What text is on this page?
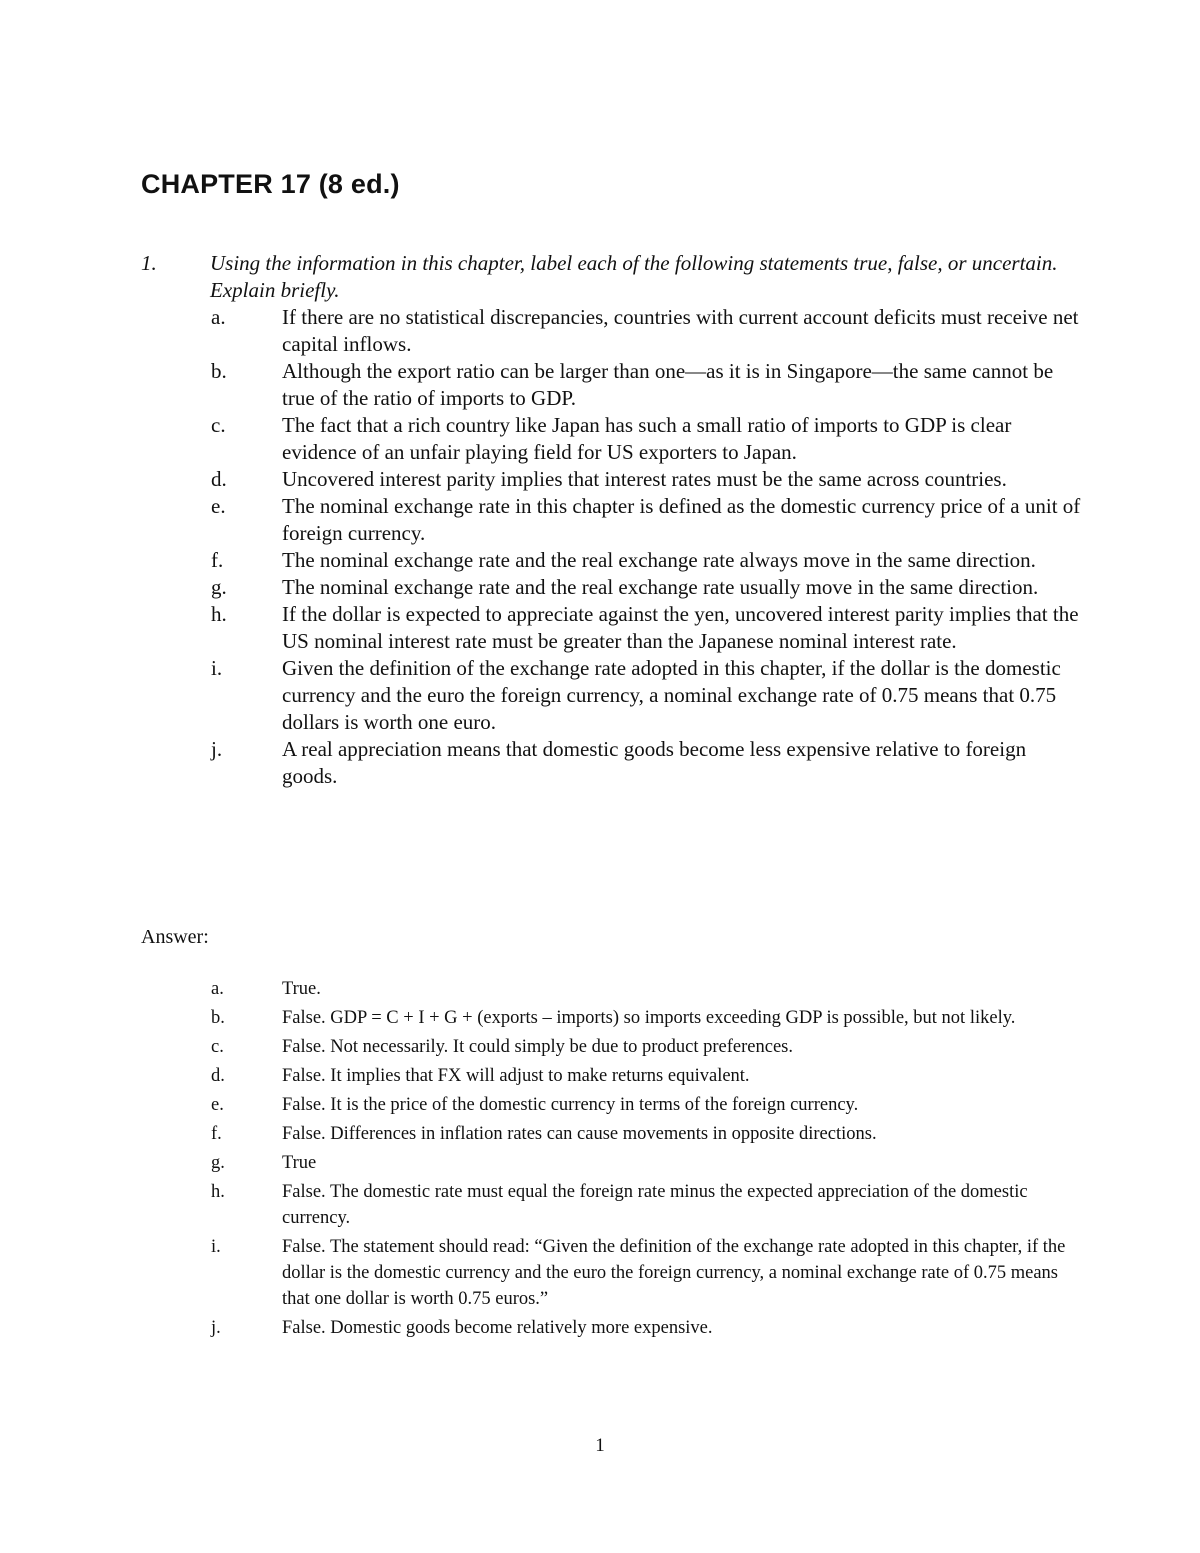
CHAPTER 17 (8 ed.)
1.	Using the information in this chapter, label each of the following statements true, false, or uncertain. Explain briefly.
a.	If there are no statistical discrepancies, countries with current account deficits must receive net capital inflows.
b.	Although the export ratio can be larger than one—as it is in Singapore—the same cannot be true of the ratio of imports to GDP.
c.	The fact that a rich country like Japan has such a small ratio of imports to GDP is clear evidence of an unfair playing field for US exporters to Japan.
d.	Uncovered interest parity implies that interest rates must be the same across countries.
e.	The nominal exchange rate in this chapter is defined as the domestic currency price of a unit of foreign currency.
f.	The nominal exchange rate and the real exchange rate always move in the same direction.
g.	The nominal exchange rate and the real exchange rate usually move in the same direction.
h.	If the dollar is expected to appreciate against the yen, uncovered interest parity implies that the US nominal interest rate must be greater than the Japanese nominal interest rate.
i.	Given the definition of the exchange rate adopted in this chapter, if the dollar is the domestic currency and the euro the foreign currency, a nominal exchange rate of 0.75 means that 0.75 dollars is worth one euro.
j.	A real appreciation means that domestic goods become less expensive relative to foreign goods.
Answer:
a.	True.
b.	False. GDP = C + I + G + (exports – imports) so imports exceeding GDP is possible, but not likely.
c.	False. Not necessarily. It could simply be due to product preferences.
d.	False. It implies that FX will adjust to make returns equivalent.
e.	False. It is the price of the domestic currency in terms of the foreign currency.
f.	False. Differences in inflation rates can cause movements in opposite directions.
g.	True
h.	False. The domestic rate must equal the foreign rate minus the expected appreciation of the domestic currency.
i.	False. The statement should read: “Given the definition of the exchange rate adopted in this chapter, if the dollar is the domestic currency and the euro the foreign currency, a nominal exchange rate of 0.75 means that one dollar is worth 0.75 euros.”
j.	False. Domestic goods become relatively more expensive.
1
